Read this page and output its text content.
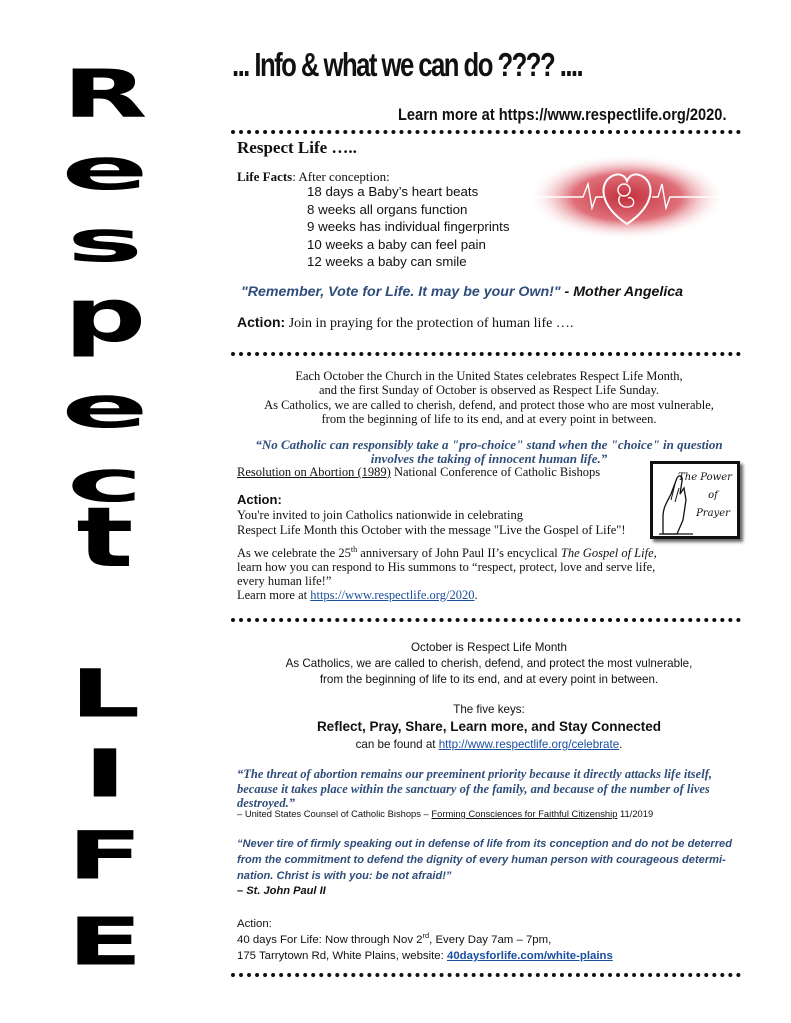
R
e
s
p
e
c
t
L
I
F
E
... Info & what we can do ???? ....
Learn more at https://www.respectlife.org/2020.
Respect Life …..
Life Facts: After conception:
18 days a Baby’s heart beats
8 weeks all organs function
9 weeks has individual fingerprints
10 weeks a baby can feel pain
12 weeks a baby can smile
"Remember, Vote for Life. It may be your Own!" - Mother Angelica
Action: Join in praying for the protection of human life ….
Each October the Church in the United States celebrates Respect Life Month,
and the first Sunday of October is observed as Respect Life Sunday.
As Catholics, we are called to cherish, defend, and protect those who are most vulnerable,
from the beginning of life to its end, and at every point in between.
“No Catholic can responsibly take a "pro-choice" stand when the "choice" in question involves the taking of innocent human life.”
Resolution on Abortion (1989) National Conference of Catholic Bishops	The Power
of
Prayer
Action:
You're invited to join Catholics nationwide in celebrating
Respect Life Month this October with the message "Live the Gospel of Life"!
As we celebrate the 25th anniversary of John Paul II’s encyclical The Gospel of Life,
learn how you can respond to His summons to “respect, protect, love and serve life,
every human life!”
Learn more at https://www.respectlife.org/2020.
October is Respect Life Month
As Catholics, we are called to cherish, defend, and protect the most vulnerable,
from the beginning of life to its end, and at every point in between.
The five keys:
Reflect, Pray, Share, Learn more, and Stay Connected
can be found at http://www.respectlife.org/celebrate.
“The threat of abortion remains our preeminent priority because it directly attacks life itself, because it takes place within the sanctuary of the family, and because of the number of lives destroyed.”
– United States Counsel of Catholic Bishops – Forming Consciences for Faithful Citizenship 11/2019
“Never tire of firmly speaking out in defense of life from its conception and do not be deterred from the commitment to defend the dignity of every human person with courageous determi-nation. Christ is with you: be not afraid!”
– St. John Paul II
Action:
40 days For Life: Now through Nov 2rd, Every Day 7am – 7pm,
175 Tarrytown Rd, White Plains, website: 40daysforlife.com/white-plains
